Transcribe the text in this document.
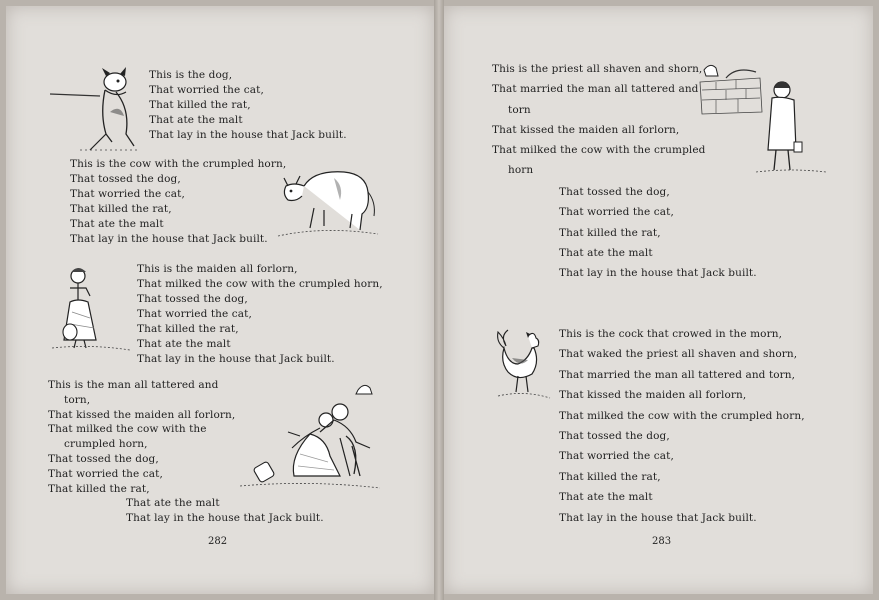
This is the dog,
That worried the cat,
That killed the rat,
That ate the malt
That lay in the house that Jack built.
This is the cow with the crumpled horn,
That tossed the dog,
That worried the cat,
That killed the rat,
That ate the malt
That lay in the house that Jack built.
This is the maiden all forlorn,
That milked the cow with the crumpled horn,
That tossed the dog,
That worried the cat,
That killed the rat,
That ate the malt
That lay in the house that Jack built.
This is the man all tattered and
torn,
That kissed the maiden all forlorn,
That milked the cow with the
crumpled horn,
That tossed the dog,
That worried the cat,
That killed the rat,
That ate the malt
That lay in the house that Jack built.
282
This is the priest all shaven and shorn,
That married the man all tattered and
torn
That kissed the maiden all forlorn,
That milked the cow with the crumpled
horn
That tossed the dog,
That worried the cat,
That killed the rat,
That ate the malt
That lay in the house that Jack built.
This is the cock that crowed in the morn,
That waked the priest all shaven and shorn,
That married the man all tattered and torn,
That kissed the maiden all forlorn,
That milked the cow with the crumpled horn,
That tossed the dog,
That worried the cat,
That killed the rat,
That ate the malt
That lay in the house that Jack built.
283
